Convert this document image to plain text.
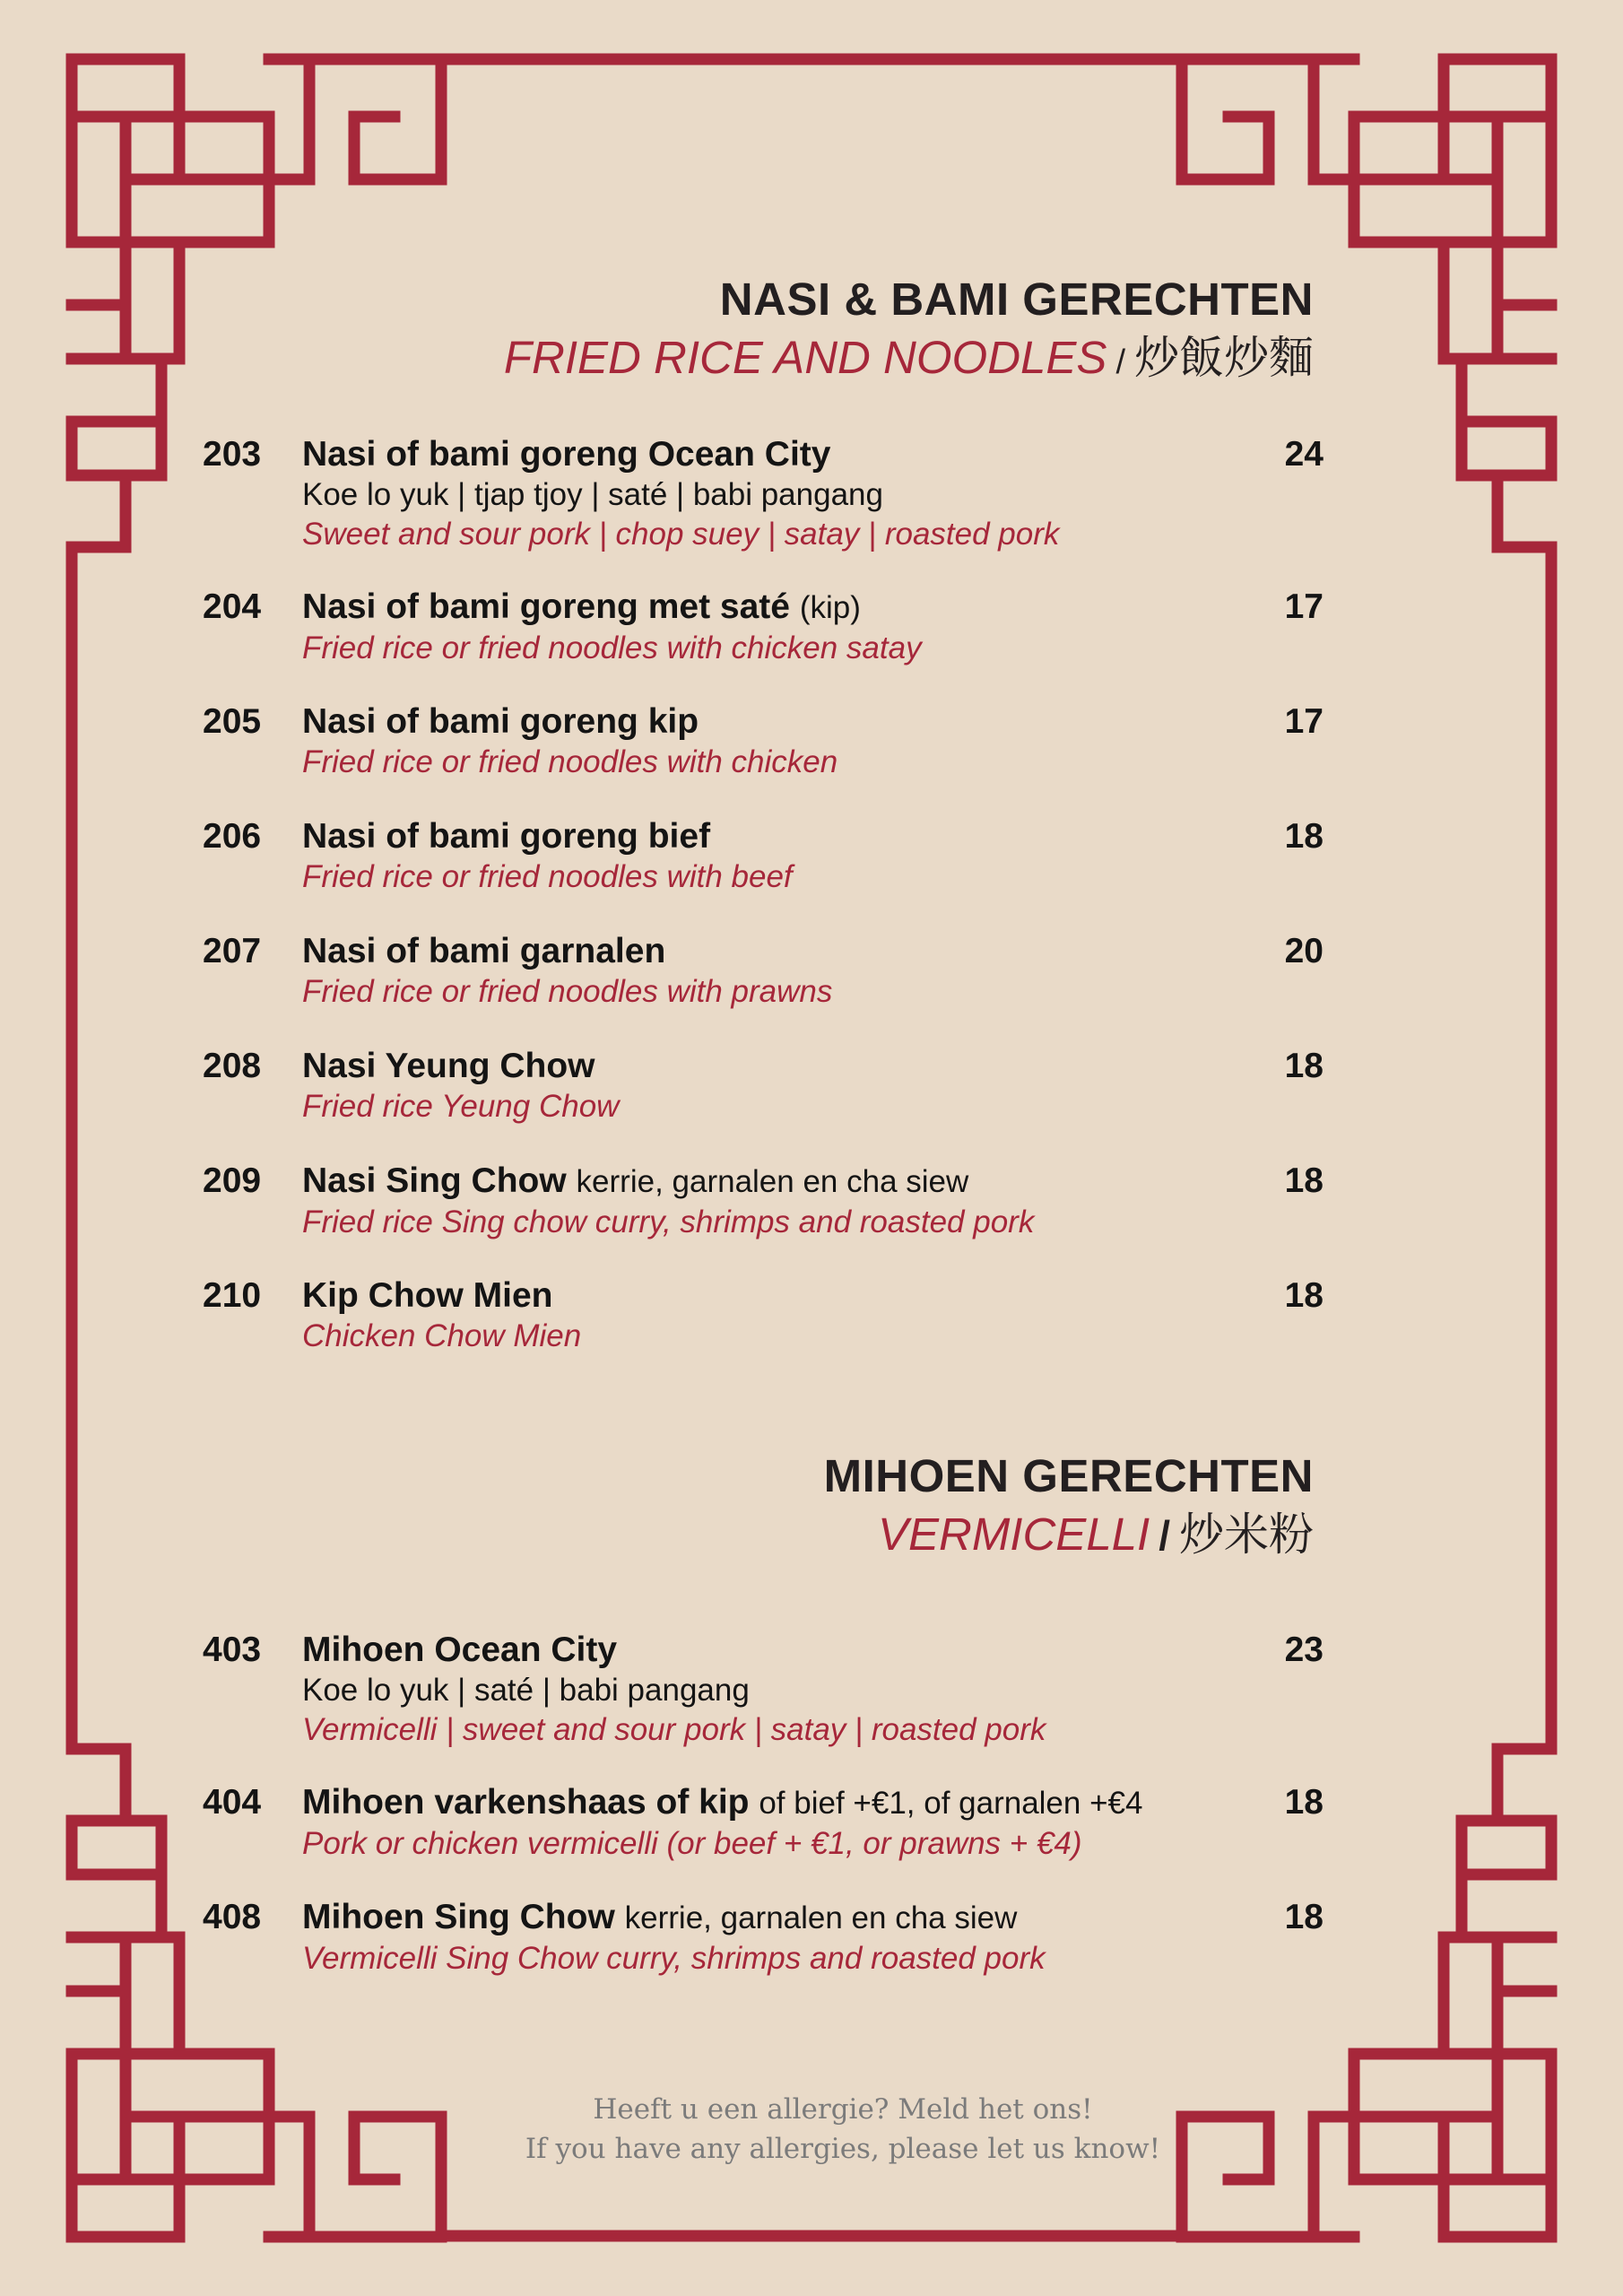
NASI & BAMI GERECHTEN
FRIED RICE AND NOODLES / 炒飯炒麵
203 Nasi of bami goreng Ocean City
Koe lo yuk | tjap tjoy | saté | babi pangang
Sweet and sour pork | chop suey | satay | roasted pork
24
204 Nasi of bami goreng met saté (kip)
Fried rice or fried noodles with chicken satay
17
205 Nasi of bami goreng kip
Fried rice or fried noodles with chicken
17
206 Nasi of bami goreng bief
Fried rice or fried noodles with beef
18
207 Nasi of bami garnalen
Fried rice or fried noodles with prawns
20
208 Nasi Yeung Chow
Fried rice Yeung Chow
18
209 Nasi Sing Chow kerrie, garnalen en cha siew
Fried rice Sing chow curry, shrimps and roasted pork
18
210 Kip Chow Mien
Chicken Chow Mien
18
MIHOEN GERECHTEN
VERMICELLI / 炒米粉
403 Mihoen Ocean City
Koe lo yuk | saté | babi pangang
Vermicelli | sweet and sour pork | satay | roasted pork
23
404 Mihoen varkenshaas of kip of bief +€1, of garnalen +€4
Pork or chicken vermicelli (or beef + €1, or prawns + €4)
18
408 Mihoen Sing Chow kerrie, garnalen en cha siew
Vermicelli Sing Chow curry, shrimps and roasted pork
18
Heeft u een allergie? Meld het ons!
If you have any allergies, please let us know!
